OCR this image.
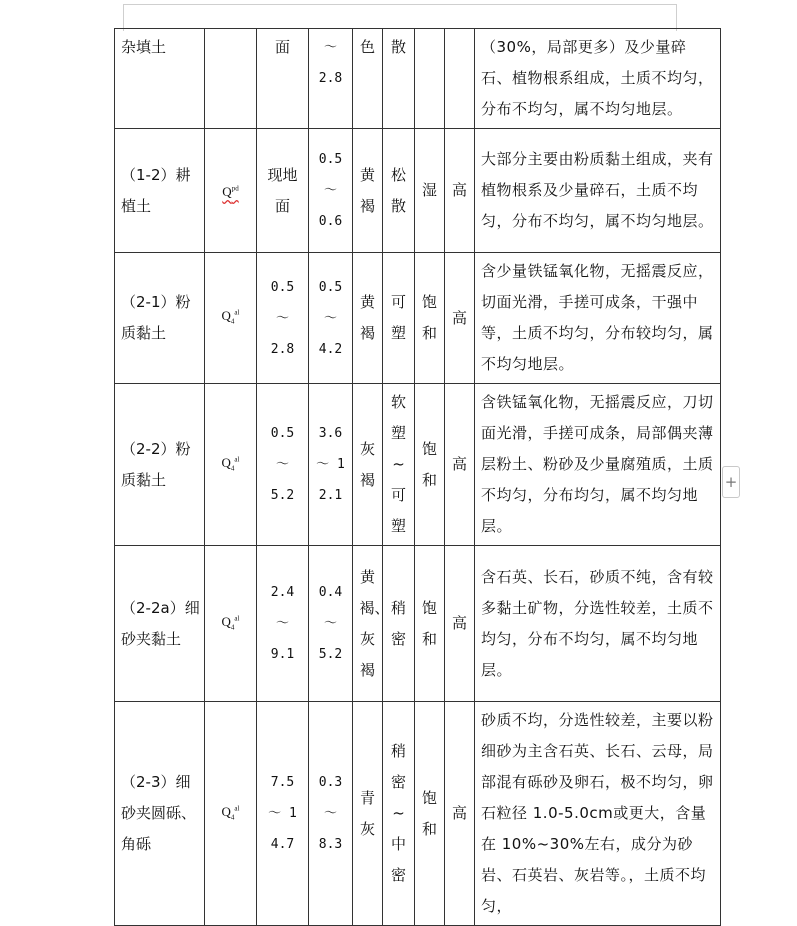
杂填土		面	～ 2.8	色	散			（30%，局部更多）及少量碎石、植物根系组成，土质不均匀，分布不均匀，属不均匀地层。
（1-2）耕植土	$Q^{pd}$	现地面	0.5 ～ 0.6	黄褐	松散	湿	高	大部分主要由粉质黏土组成，夹有植物根系及少量碎石，土质不均匀，分布不均匀，属不均匀地层。
（2-1）粉质黏土	$Q_4^{al}$	0.5 ～ 2.8	0.5 ～ 4.2	黄褐	可塑	饱和	高	含少量铁锰氧化物，无摇震反应，切面光滑，手搓可成条，干强中等，土质不均匀，分布较均匀，属不均匀地层。
（2-2）粉质黏土	$Q_4^{al}$	0.5 ～ 5.2	3.6 ～ 12.1	灰褐	软塑~可塑	饱和	高	含铁锰氧化物，无摇震反应，刀切面光滑，手搓可成条，局部偶夹薄层粉土、粉砂及少量腐殖质，土质不均匀，分布均匀，属不均匀地层。
（2-2a）细砂夹黏土	$Q_4^{al}$	2.4 ～ 9.1	0.4 ～ 5.2	黄褐、灰褐	稍密	饱和	高	含石英、长石，砂质不纯，含有较多黏土矿物，分选性较差，土质不均匀，分布不均匀，属不均匀地层。
（2-3）细砂夹圆砾、角砾	$Q_4^{al}$	7.5 ～ 14.7	0.3 ～ 8.3	青灰	稍密~中密	饱和	高	砂质不均，分选性较差，主要以粉细砂为主含石英、长石、云母，局部混有砾砂及卵石，极不均匀，卵石粒径 1.0-5.0cm或更大，含量在 10%~30%左右，成分为砂岩、石英岩、灰岩等。，土质不均匀，
+
